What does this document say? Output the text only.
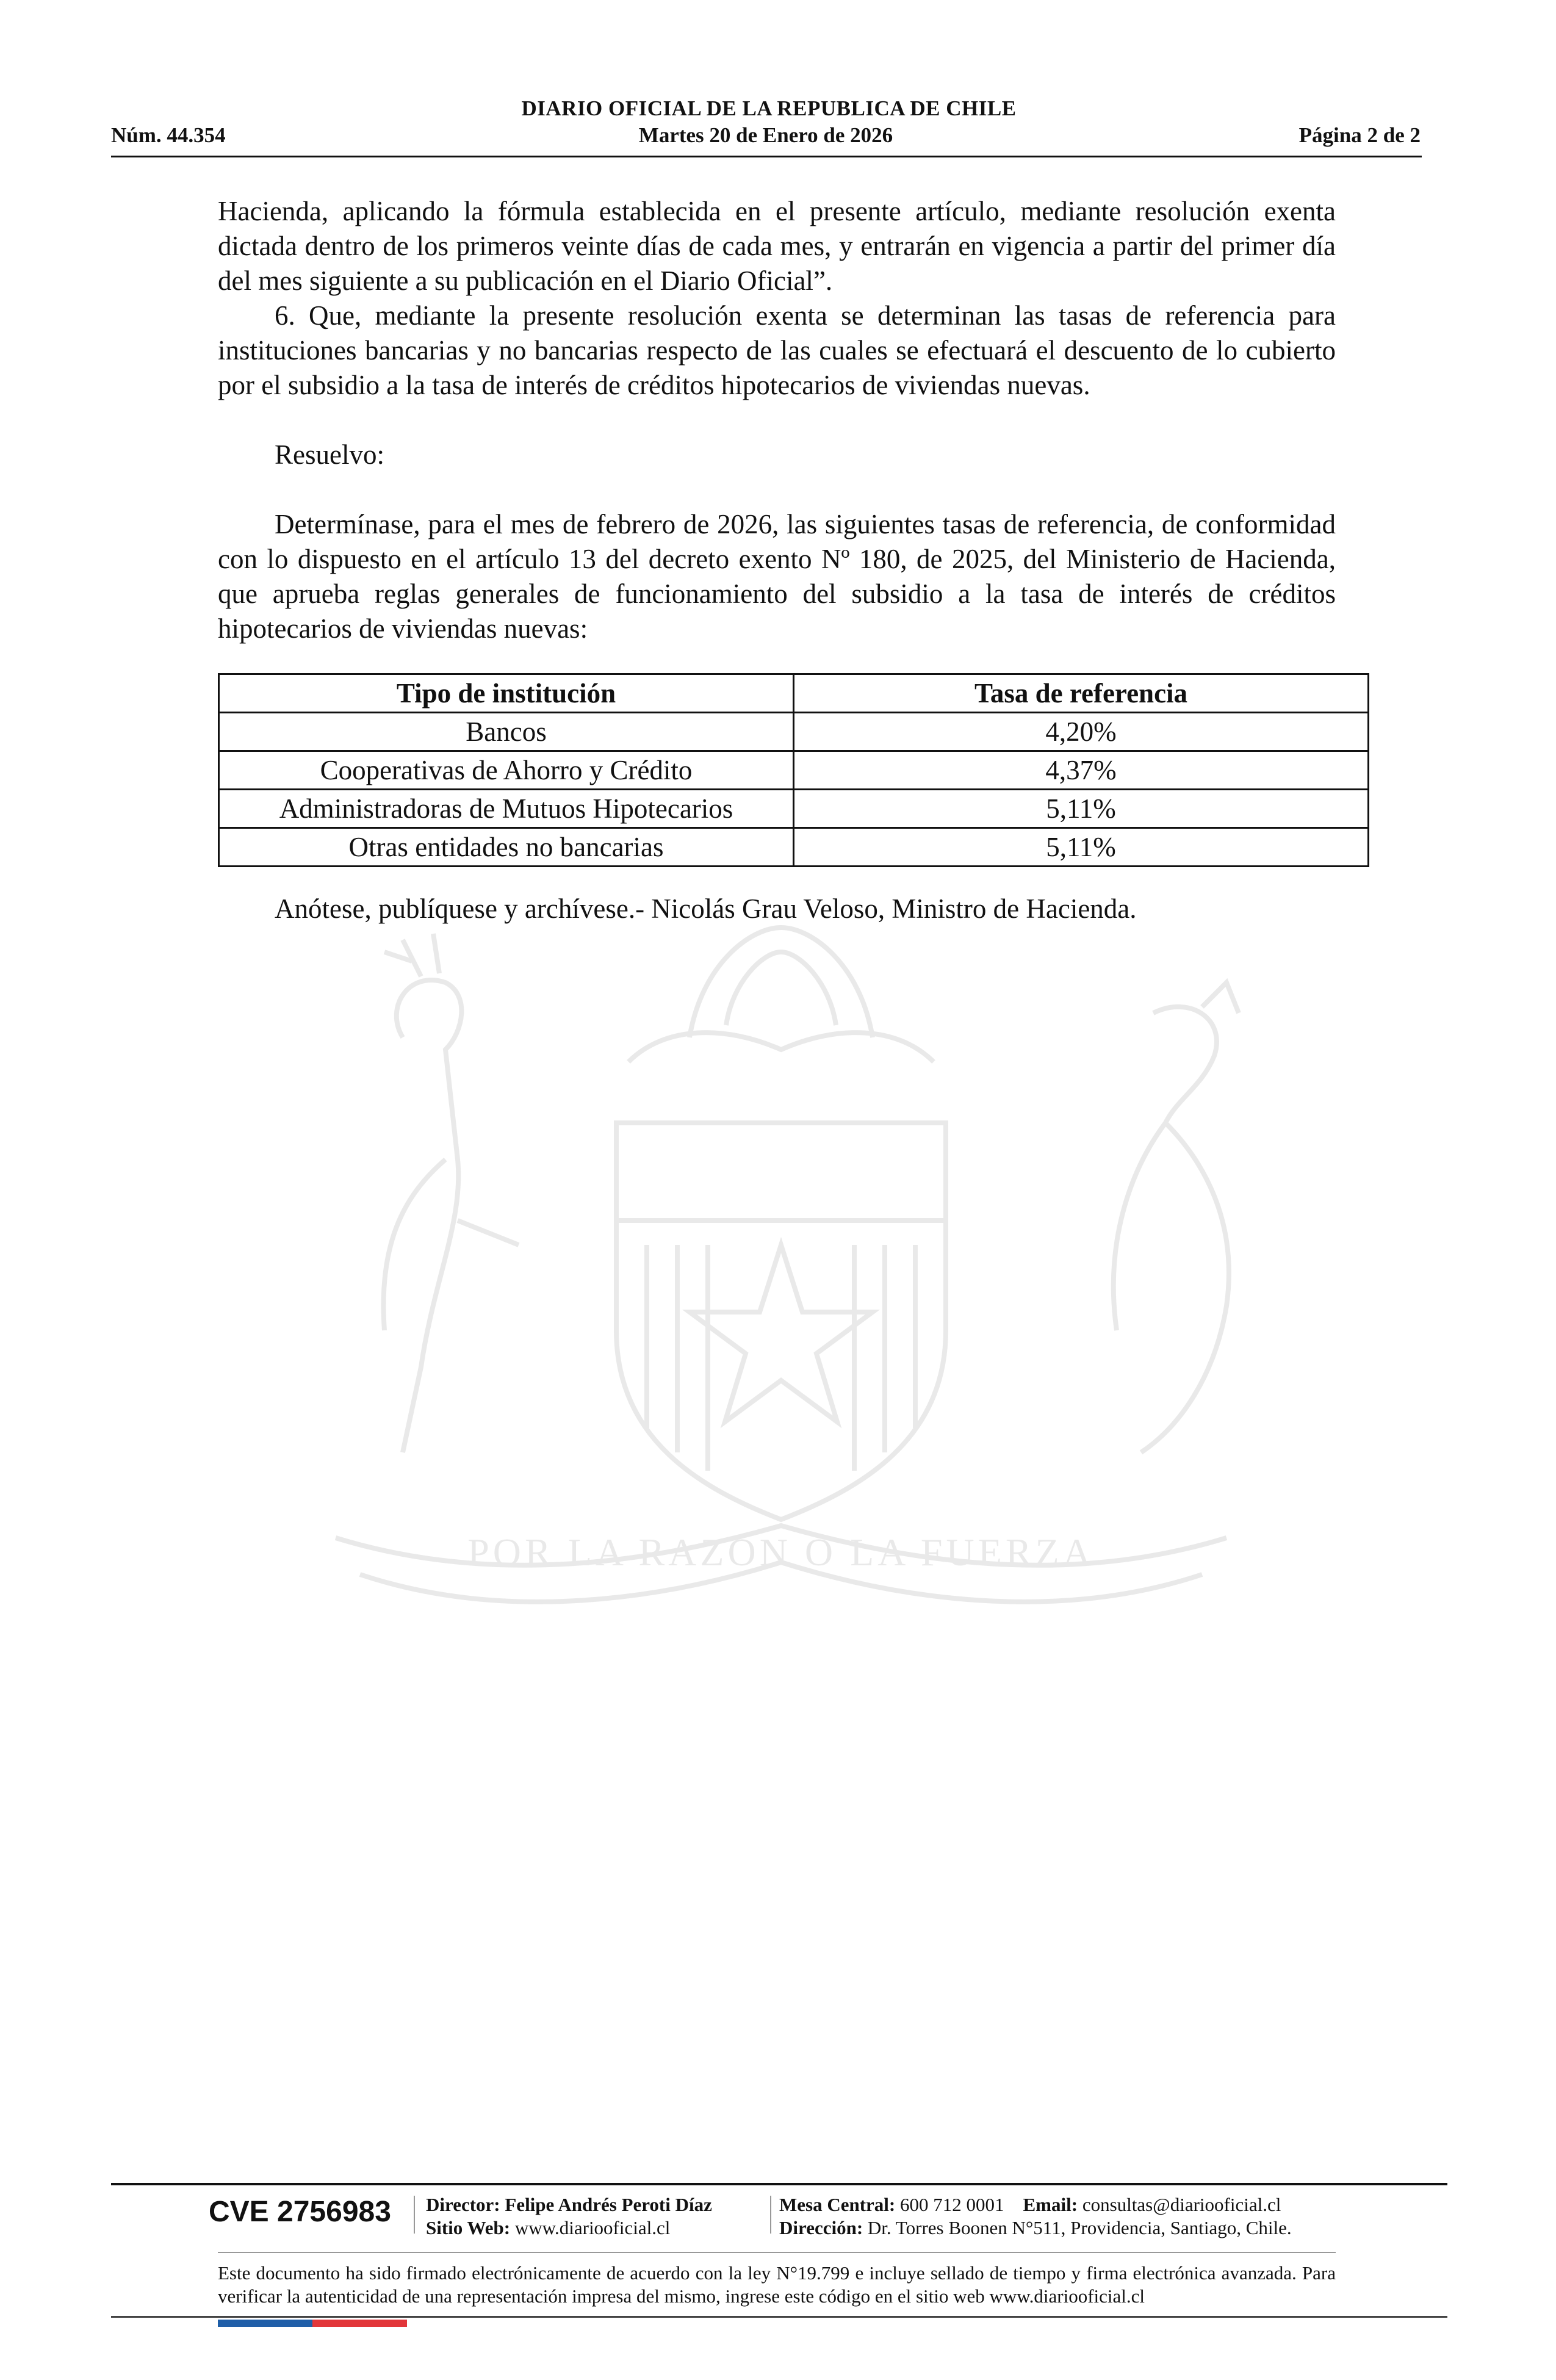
POR LA RAZON O LA FUERZA
DIARIO OFICIAL DE LA REPUBLICA DE CHILE
Núm. 44.354	Martes 20 de Enero de 2026	Página 2 de 2

Hacienda, aplicando la fórmula establecida en el presente artículo, mediante resolución exenta dictada dentro de los primeros veinte días de cada mes, y entrarán en vigencia a partir del primer día del mes siguiente a su publicación en el Diario Oficial”.

6. Que, mediante la presente resolución exenta se determinan las tasas de referencia para instituciones bancarias y no bancarias respecto de las cuales se efectuará el descuento de lo cubierto por el subsidio a la tasa de interés de créditos hipotecarios de viviendas nuevas.

Resuelvo:

Determínase, para el mes de febrero de 2026, las siguientes tasas de referencia, de conformidad con lo dispuesto en el artículo 13 del decreto exento Nº 180, de 2025, del Ministerio de Hacienda, que aprueba reglas generales de funcionamiento del subsidio a la tasa de interés de créditos hipotecarios de viviendas nuevas:

Tipo de institución	Tasa de referencia
Bancos	4,20%
Cooperativas de Ahorro y Crédito	4,37%
Administradoras de Mutuos Hipotecarios	5,11%
Otras entidades no bancarias	5,11%

Anótese, publíquese y archívese.- Nicolás Grau Veloso, Ministro de Hacienda.

CVE 2756983 Director: Felipe Andrés Peroti Díaz
Sitio Web: www.diariooficial.cl
Mesa Central: 600 712 0001 Email: consultas@diariooficial.cl
Dirección: Dr. Torres Boonen N°511, Providencia, Santiago, Chile.
Este documento ha sido firmado electrónicamente de acuerdo con la ley N°19.799 e incluye sellado de tiempo y firma electrónica avanzada. Para verificar la autenticidad de una representación impresa del mismo, ingrese este código en el sitio web www.diariooficial.cl
